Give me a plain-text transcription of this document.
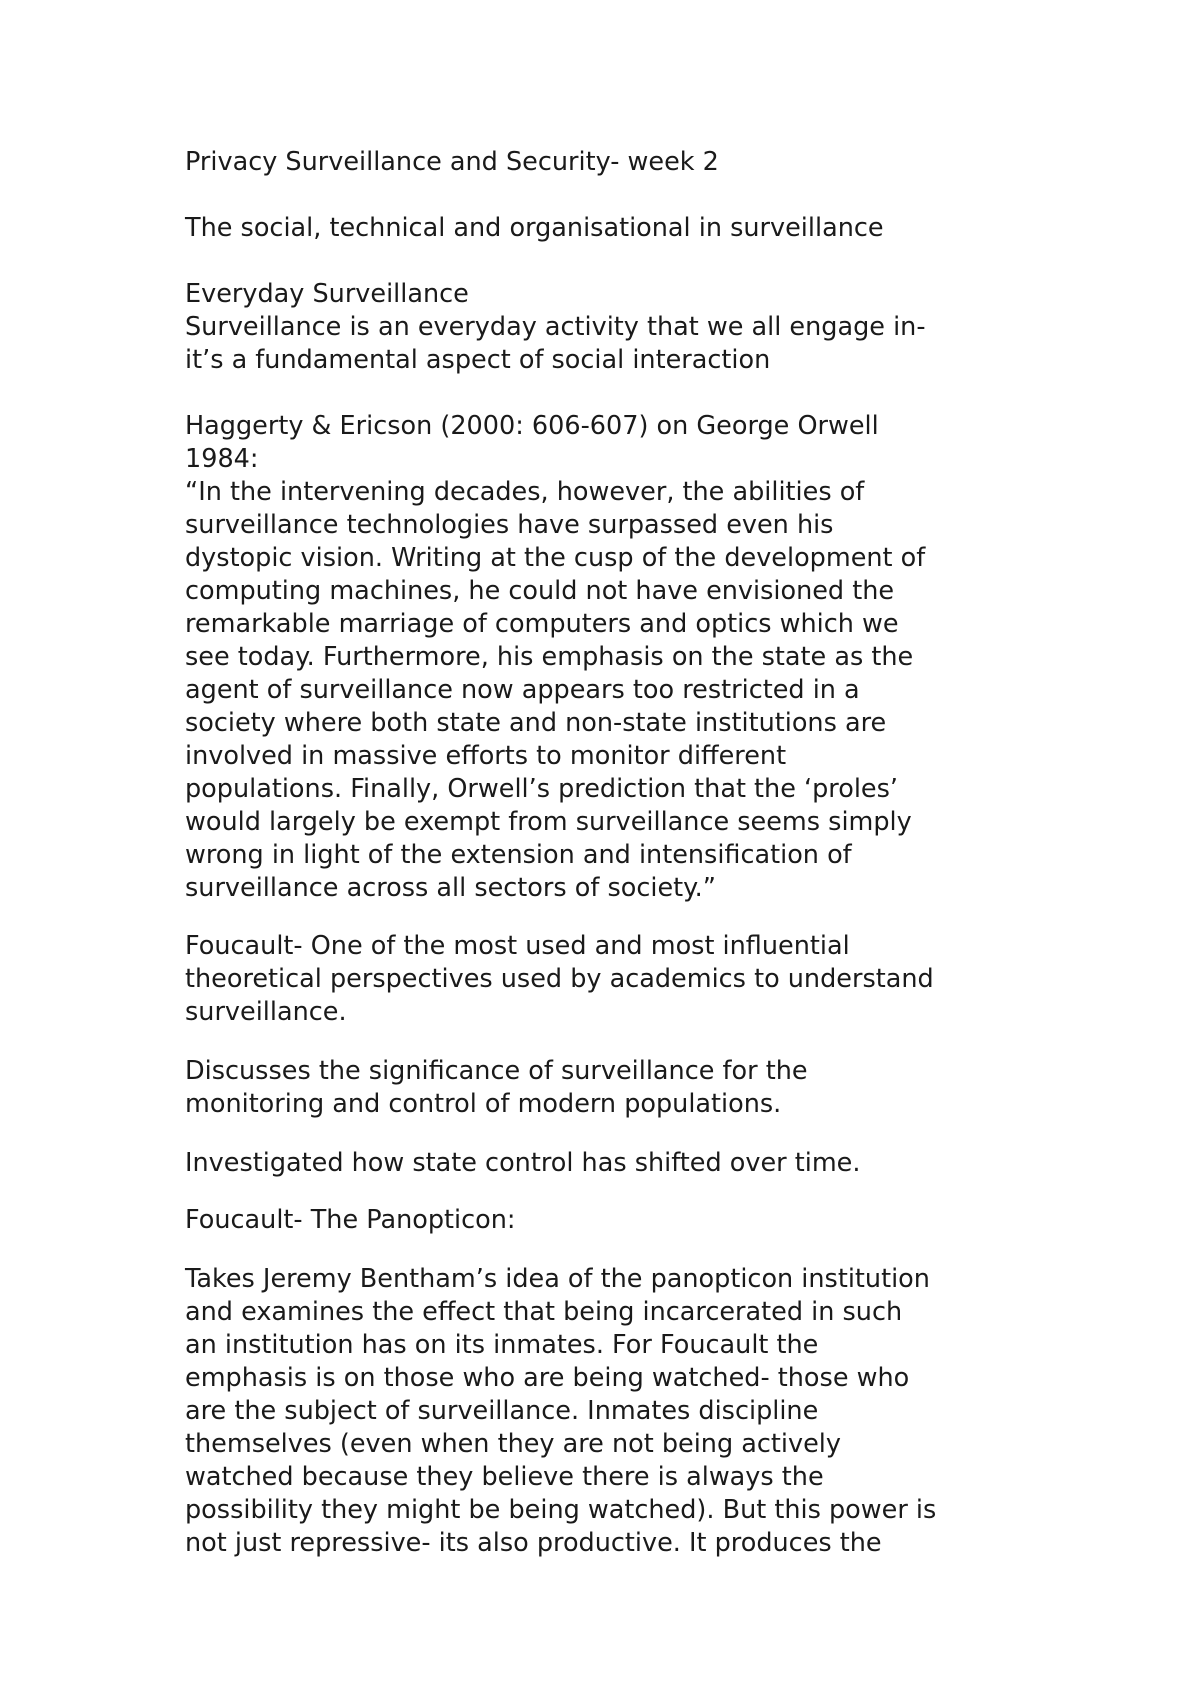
Privacy Surveillance and Security- week 2

The social, technical and organisational in surveillance

Everyday Surveillance

Surveillance is an everyday activity that we all engage in-

it’s a fundamental aspect of social interaction

Haggerty & Ericson (2000: 606-607) on George Orwell

1984:

“In the intervening decades, however, the abilities of

surveillance technologies have surpassed even his

dystopic vision. Writing at the cusp of the development of

computing machines, he could not have envisioned the

remarkable marriage of computers and optics which we

see today. Furthermore, his emphasis on the state as the

agent of surveillance now appears too restricted in a

society where both state and non-state institutions are

involved in massive efforts to monitor different

populations. Finally, Orwell’s prediction that the ‘proles’

would largely be exempt from surveillance seems simply

wrong in light of the extension and intensification of

surveillance across all sectors of society.”

Foucault- One of the most used and most influential

theoretical perspectives used by academics to understand

surveillance.

Discusses the significance of surveillance for the

monitoring and control of modern populations.

Investigated how state control has shifted over time.

Foucault- The Panopticon:

Takes Jeremy Bentham’s idea of the panopticon institution

and examines the effect that being incarcerated in such

an institution has on its inmates. For Foucault the

emphasis is on those who are being watched- those who

are the subject of surveillance. Inmates discipline

themselves (even when they are not being actively

watched because they believe there is always the

possibility they might be being watched). But this power is

not just repressive- its also productive. It produces the
